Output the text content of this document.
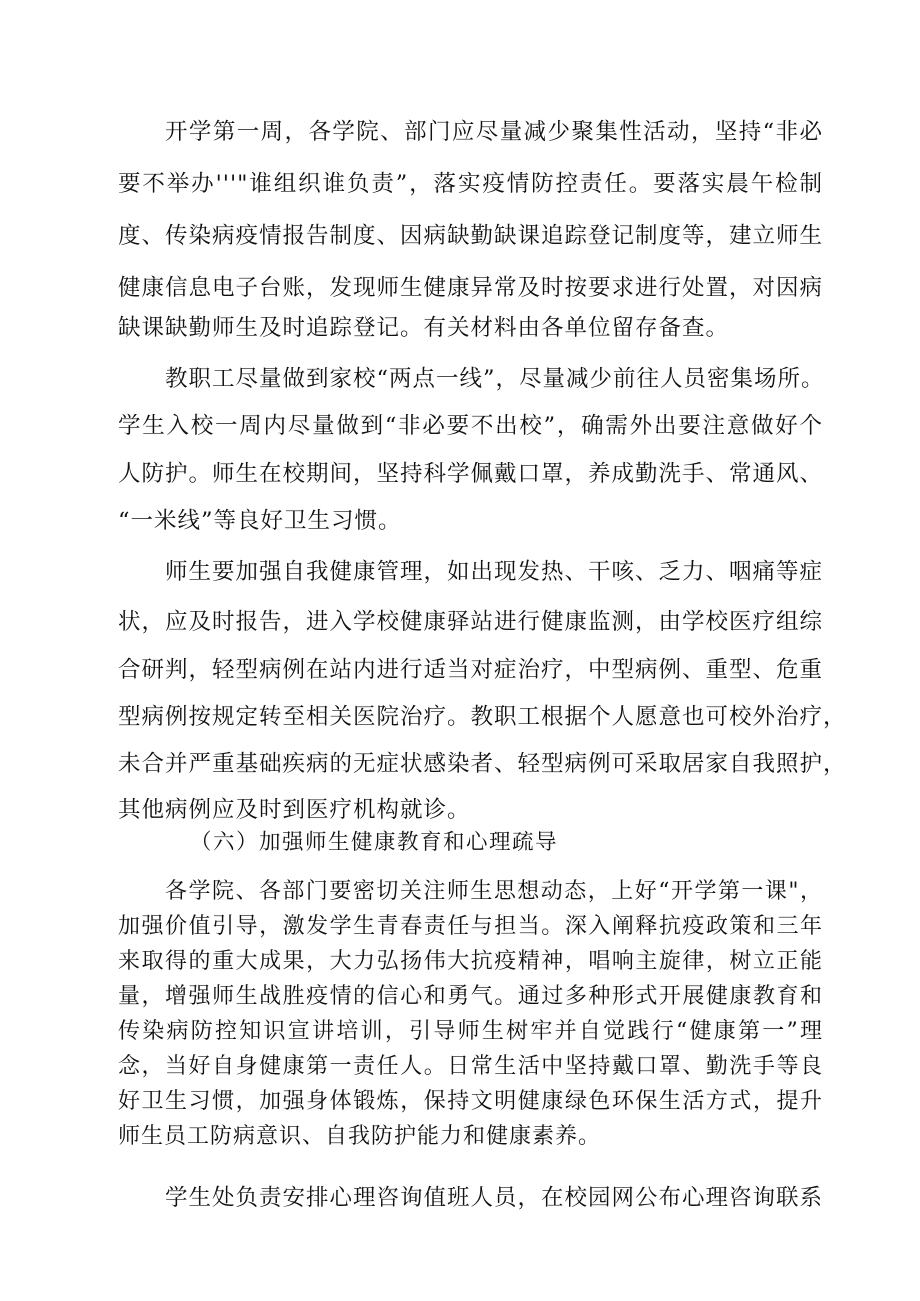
开学第一周，各学院、部门应尽量减少聚集性活动，坚持“非必
要不举办'''"谁组织谁负责”，落实疫情防控责任。要落实晨午检制
度、传染病疫情报告制度、因病缺勤缺课追踪登记制度等，建立师生
健康信息电子台账，发现师生健康异常及时按要求进行处置，对因病
缺课缺勤师生及时追踪登记。有关材料由各单位留存备查。
教职工尽量做到家校“两点一线”，尽量减少前往人员密集场所。
学生入校一周内尽量做到“非必要不出校”，确需外出要注意做好个
人防护。师生在校期间，坚持科学佩戴口罩，养成勤洗手、常通风、
“一米线”等良好卫生习惯。
师生要加强自我健康管理，如出现发热、干咳、乏力、咽痛等症
状，应及时报告，进入学校健康驿站进行健康监测，由学校医疗组综
合研判，轻型病例在站内进行适当对症治疗，中型病例、重型、危重
型病例按规定转至相关医院治疗。教职工根据个人愿意也可校外治疗，
未合并严重基础疾病的无症状感染者、轻型病例可采取居家自我照护，
其他病例应及时到医疗机构就诊。
（六）加强师生健康教育和心理疏导
各学院、各部门要密切关注师生思想动态，上好“开学第一课"，
加强价值引导，激发学生青春责任与担当。深入阐释抗疫政策和三年
来取得的重大成果，大力弘扬伟大抗疫精神，唱响主旋律，树立正能
量，增强师生战胜疫情的信心和勇气。通过多种形式开展健康教育和
传染病防控知识宣讲培训，引导师生树牢并自觉践行“健康第一”理
念，当好自身健康第一责任人。日常生活中坚持戴口罩、勤洗手等良
好卫生习惯，加强身体锻炼，保持文明健康绿色环保生活方式，提升
师生员工防病意识、自我防护能力和健康素养。
学生处负责安排心理咨询值班人员，在校园网公布心理咨询联系
